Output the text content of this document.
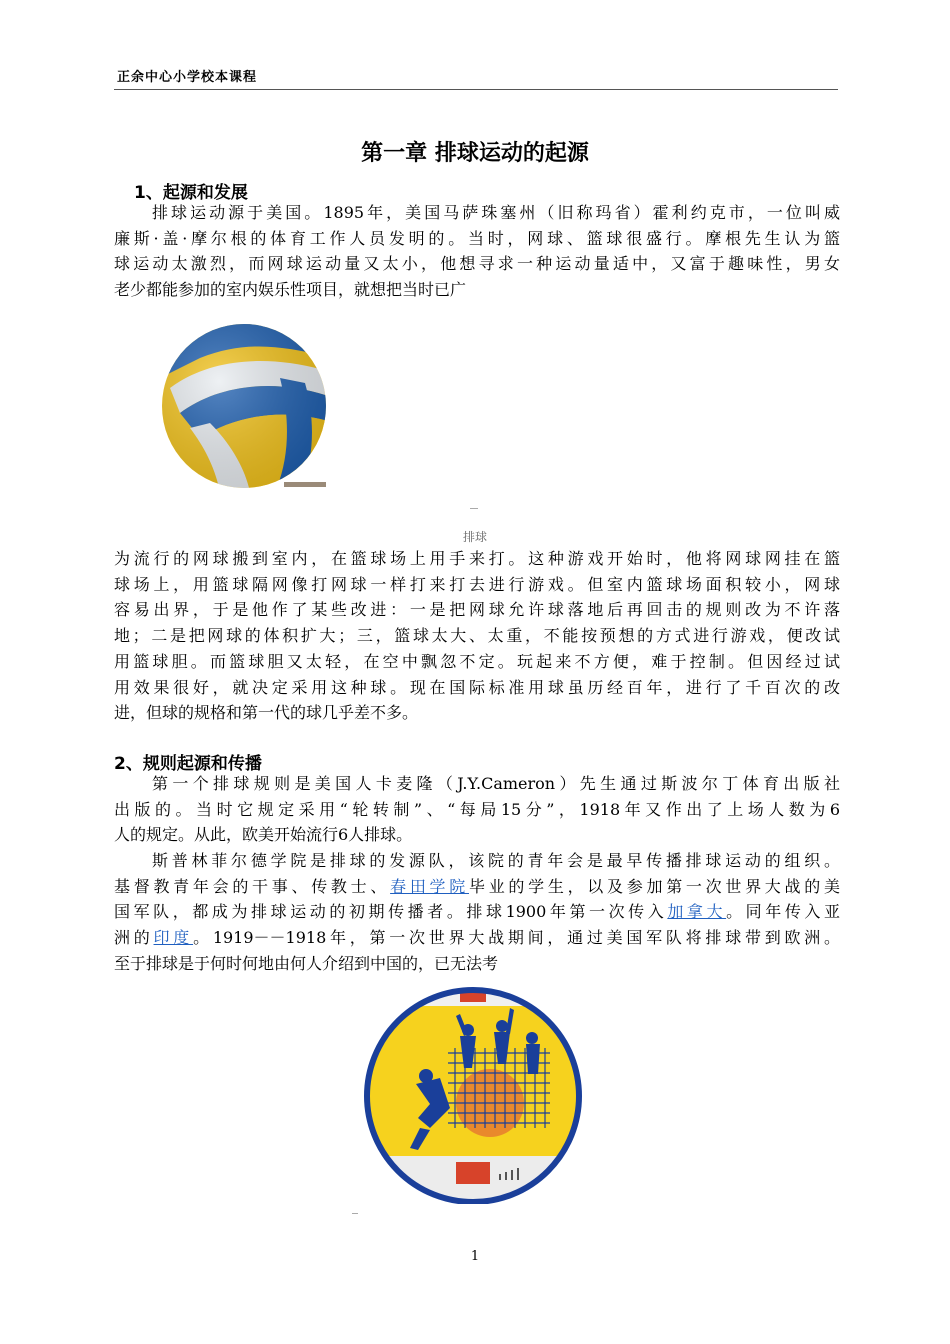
正余中心小学校本课程
第一章 排球运动的起源
1、起源和发展
排球运动源于美国。1895年，美国马萨珠塞州（旧称玛省）霍利约克市，一位叫威
廉斯·盖·摩尔根的体育工作人员发明的。当时，网球、篮球很盛行。摩根先生认为篮
球运动太激烈，而网球运动量又太小，他想寻求一种运动量适中，又富于趣味性，男女
老少都能参加的室内娱乐性项目，就想把当时已广
排球
为流行的网球搬到室内，在篮球场上用手来打。这种游戏开始时，他将网球网挂在篮
球场上，用篮球隔网像打网球一样打来打去进行游戏。但室内篮球场面积较小，网球
容易出界，于是他作了某些改进：一是把网球允许球落地后再回击的规则改为不许落
地；二是把网球的体积扩大；三，篮球太大、太重，不能按预想的方式进行游戏，便改试
用篮球胆。而篮球胆又太轻，在空中飘忽不定。玩起来不方便，难于控制。但因经过试
用效果很好，就决定采用这种球。现在国际标准用球虽历经百年，进行了千百次的改
进，但球的规格和第一代的球几乎差不多。
2、规则起源和传播
第一个排球规则是美国人卡麦隆（J.Y.Cameron）先生通过斯波尔丁体育出版社
出版的。当时它规定采用“轮转制”、“每局15分”，1918年又作出了上场人数为6
人的规定。从此，欧美开始流行6人排球。
斯普林菲尔德学院是排球的发源队，该院的青年会是最早传播排球运动的组织。
基督教青年会的干事、传教士、春田学院毕业的学生，以及参加第一次世界大战的美
国军队，都成为排球运动的初期传播者。排球1900年第一次传入加拿大。同年传入亚
洲的印度。1919－－1918年，第一次世界大战期间，通过美国军队将排球带到欧洲。
至于排球是于何时何地由何人介绍到中国的，已无法考
1
